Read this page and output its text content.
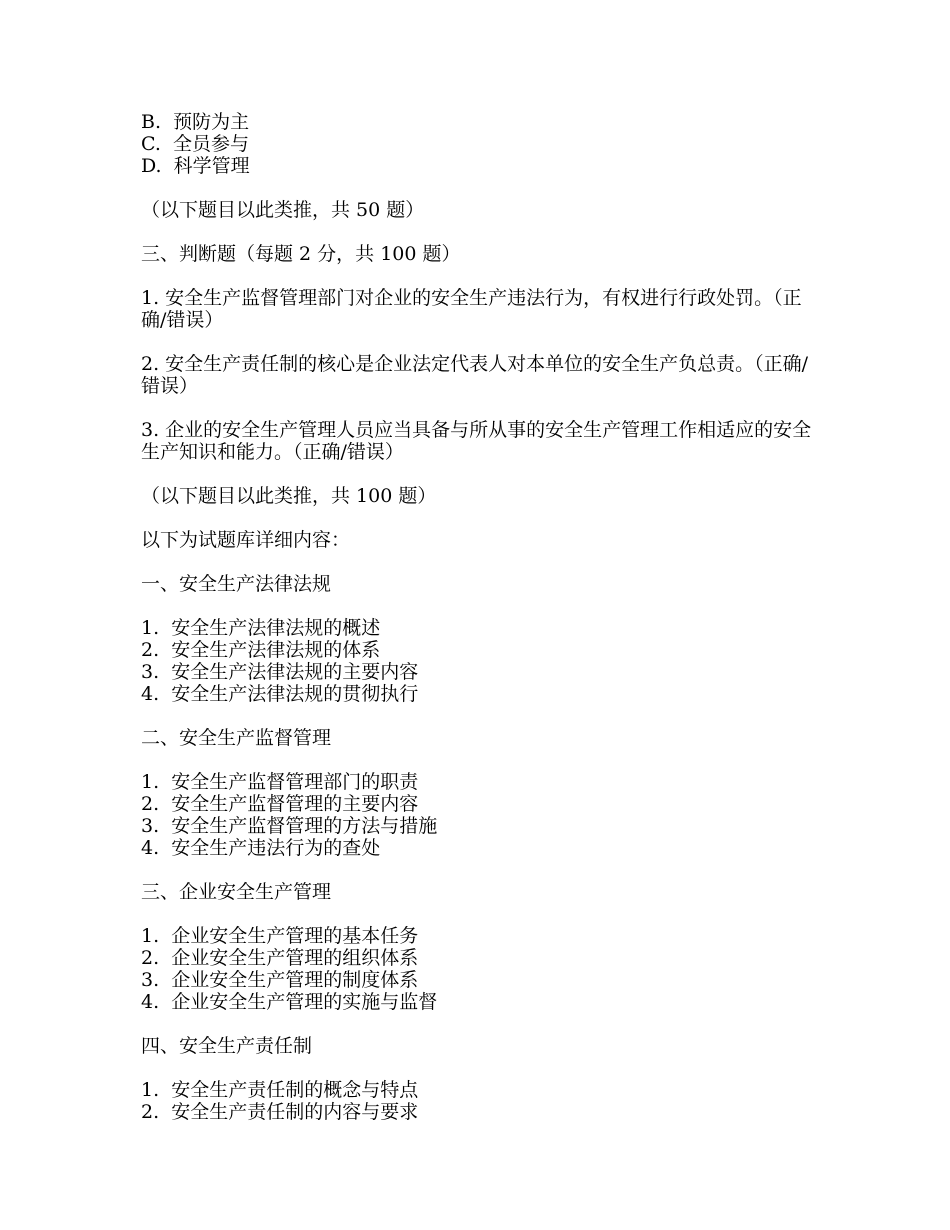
B.  预防为主
C.  全员参与
D.  科学管理
（以下题目以此类推，共 50 题）
三、判断题（每题 2 分，共 100 题）
1. 安全生产监督管理部门对企业的安全生产违法行为，有权进行行政处罚。（正确/错误）
2. 安全生产责任制的核心是企业法定代表人对本单位的安全生产负总责。（正确/错误）
3. 企业的安全生产管理人员应当具备与所从事的安全生产管理工作相适应的安全生产知识和能力。（正确/错误）
（以下题目以此类推，共 100 题）
以下为试题库详细内容：
一、安全生产法律法规
1.  安全生产法律法规的概述
2.  安全生产法律法规的体系
3.  安全生产法律法规的主要内容
4.  安全生产法律法规的贯彻执行
二、安全生产监督管理
1.  安全生产监督管理部门的职责
2.  安全生产监督管理的主要内容
3.  安全生产监督管理的方法与措施
4.  安全生产违法行为的查处
三、企业安全生产管理
1.  企业安全生产管理的基本任务
2.  企业安全生产管理的组织体系
3.  企业安全生产管理的制度体系
4.  企业安全生产管理的实施与监督
四、安全生产责任制
1.  安全生产责任制的概念与特点
2.  安全生产责任制的内容与要求
